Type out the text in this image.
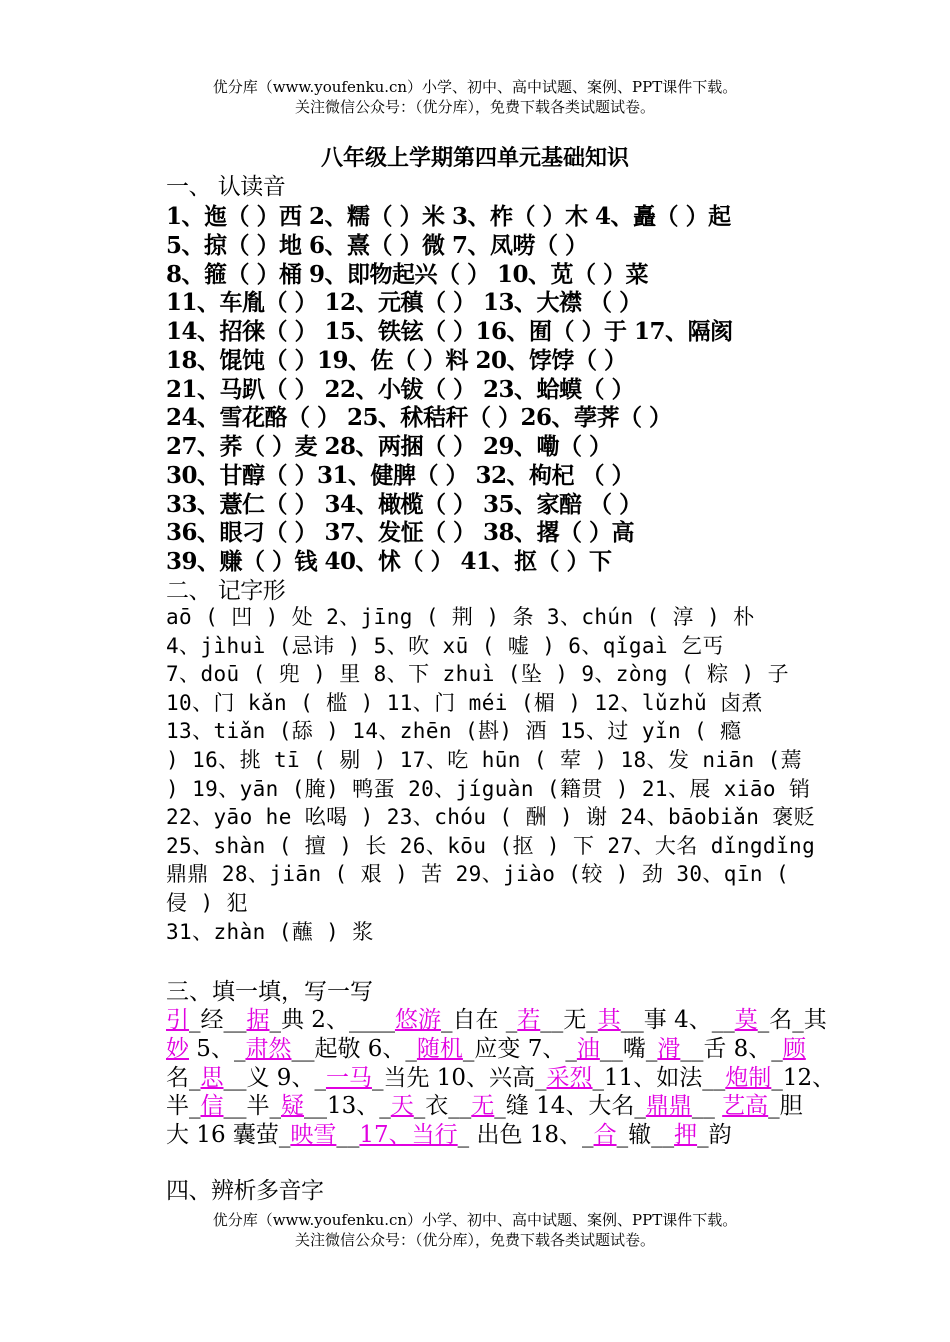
优分库（www.youfenku.cn）小学、初中、高中试题、案例、PPT课件下载。
关注微信公众号：（优分库），免费下载各类试题试卷。
八年级上学期第四单元基础知识
一、 认读音
1、迤（ ）西 2、糯（ ）米 3、柞（ ）木 4、矗（ ）起
5、掠（ ）地 6、熹（ ）微 7、凤唠（ ）
8、箍（ ）桶 9、即物起兴（ ） 10、苋（ ）菜
11、车胤（ ） 12、元稹（ ） 13、大襟 （ ）
14、招徕（ ） 15、铁铉（ ）16、囿（ ）于 17、隔阂
18、馄饨（ ）19、佐（ ）料 20、饽饽（ ）
21、马趴（ ） 22、小钹（ ） 23、蛤蟆（ ）
24、雪花酪（ ） 25、秫秸秆（ ）26、荸荠（ ）
27、荞（ ）麦 28、两捆（ ） 29、嘞（ ）
30、甘醇（ ）31、健脾（ ） 32、枸杞 （ ）
33、薏仁（ ） 34、橄榄（ ） 35、家醅 （ ）
36、眼刁（ ） 37、发怔（ ） 38、撂（ ）高
39、赚（ ）钱 40、怵（ ） 41、抠（ ）下
二、 记字形
aō ( 凹 ) 处 2、jīng ( 荆 ) 条 3、chún ( 淳 ) 朴
4、jìhuì (忌讳 ) 5、吹 xū ( 嘘 ) 6、qǐgaì 乞丐
7、doū ( 兜 ) 里 8、下 zhuì (坠 ) 9、zòng ( 粽 ) 子
10、门 kǎn ( 槛 ) 11、门 méi (楣 ) 12、lǔzhǔ 卤煮
13、tiǎn (舔 ) 14、zhēn (斟) 酒 15、过 yǐn ( 瘾
) 16、挑 tī ( 剔 ) 17、吃 hūn ( 荤 ) 18、发 niān (蔫
) 19、yān (腌) 鸭蛋 20、jíguàn (籍贯 ) 21、展 xiāo 销
22、yāo he 吆喝 ) 23、chóu ( 酬 ) 谢 24、bāobiǎn 褒贬
25、shàn ( 擅 ) 长 26、kōu (抠 ) 下 27、大名 dǐngdǐng
鼎鼎 28、jiān ( 艰 ) 苦 29、jiào (较 ) 劲 30、qīn (
侵 ) 犯
31、zhàn (蘸 ) 浆
三、填一填，写一写
引_经__据_典 2、____悠游_自在 _若__无_其__事 4、__莫_名_其
妙 5、_肃然__起敬 6、_随机_应变 7、_油__嘴_滑__舌 8、_顾
名_思__义 9、_一马_当先 10、兴高_采烈_11、如法__炮制_12、
半_信__半_疑__13、_天_衣__无_缝 14、大名_鼎鼎__ 艺高_胆
大 16 囊萤_映雪__17、当行_ 出色 18、_合_辙__押_韵
四、辨析多音字
优分库（www.youfenku.cn）小学、初中、高中试题、案例、PPT课件下载。
关注微信公众号：（优分库），免费下载各类试题试卷。
